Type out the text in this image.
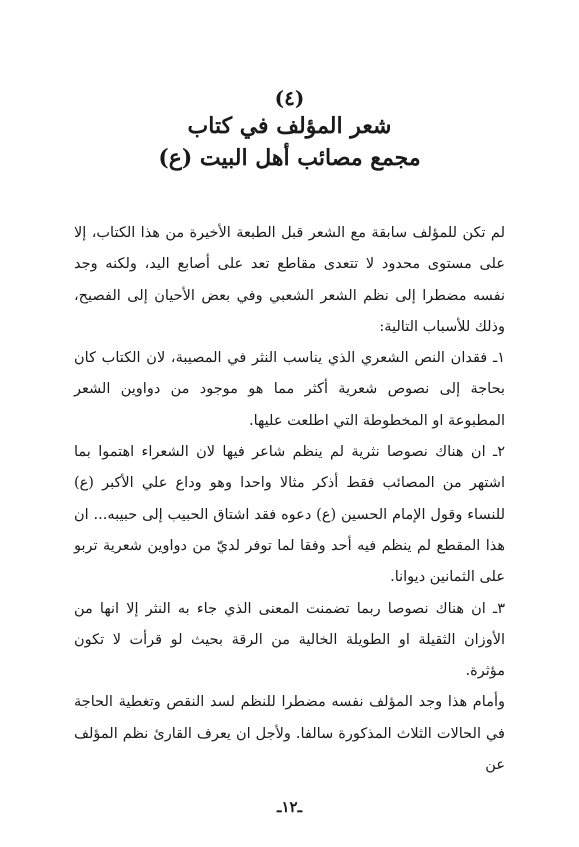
(٤)
شعر المؤلف في كتاب
مجمع مصائب أهل البيت (ع)

لم تكن للمؤلف سابقة مع الشعر قبل الطبعة الأخيرة من هذا الكتاب، إلا على مستوى محدود لا تتعدى مقاطع تعد على أصابع اليد، ولكنه وجد نفسه مضطرا إلى نظم الشعر الشعبي وفي بعض الأحيان إلى الفصيح، وذلك للأسباب التالية:

١ـ فقدان النص الشعري الذي يناسب النثر في المصيبة، لان الكتاب كان بحاجة إلى نصوص شعرية أكثر مما هو موجود من دواوين الشعر المطبوعة او المخطوطة التي اطلعت عليها.

٢ـ ان هناك نصوصا نثرية لم ينظم شاعر فيها لان الشعراء اهتموا بما اشتهر من المصائب فقط أذكر مثالا واحدا وهو وداع علي الأكبر (ع) للنساء وقول الإمام الحسين (ع) دعوه فقد اشتاق الحبيب إلى حبيبه... ان هذا المقطع لم ينظم فيه أحد وفقا لما توفر لديّ من دواوين شعرية تربو على الثمانين ديوانا.

٣ـ ان هناك نصوصا ربما تضمنت المعنى الذي جاء به النثر إلا انها من الأوزان الثقيلة او الطويلة الخالية من الرقة بحيث لو قرأت لا تكون مؤثرة.

وأمام هذا وجد المؤلف نفسه مضطرا للنظم لسد النقص وتغطية الحاجة في الحالات الثلاث المذكورة سالفا. ولأجل ان يعرف القارئ نظم المؤلف عن

ـ١٢ـ
